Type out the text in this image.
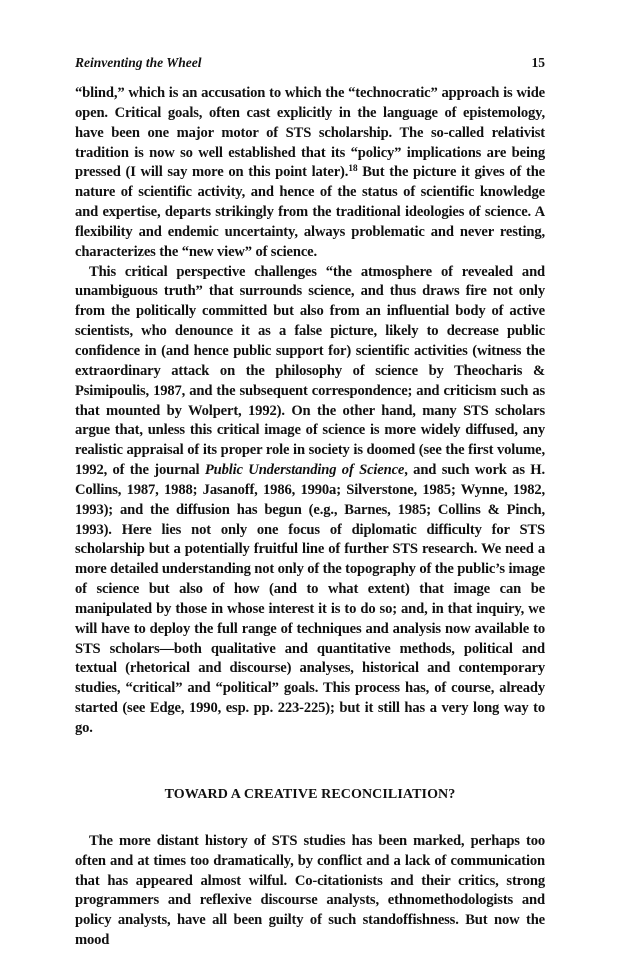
Reinventing the Wheel	15

“blind,” which is an accusation to which the “technocratic” approach is wide open. Critical goals, often cast explicitly in the language of epistemology, have been one major motor of STS scholarship. The so-called relativist tradition is now so well established that its “policy” implications are being pressed (I will say more on this point later).$^{18}$ But the picture it gives of the nature of scientific activity, and hence of the status of scientific knowledge and expertise, departs strikingly from the traditional ideologies of science. A flexibility and endemic uncertainty, always problematic and never resting, characterizes the “new view” of science.

This critical perspective challenges “the atmosphere of revealed and unambiguous truth” that surrounds science, and thus draws fire not only from the politically committed but also from an influential body of active scientists, who denounce it as a false picture, likely to decrease public confidence in (and hence public support for) scientific activities (witness the extraordinary attack on the philosophy of science by Theocharis & Psimipoulis, 1987, and the subsequent correspondence; and criticism such as that mounted by Wolpert, 1992). On the other hand, many STS scholars argue that, unless this critical image of science is more widely diffused, any realistic appraisal of its proper role in society is doomed (see the first volume, 1992, of the journal Public Understanding of Science, and such work as H. Collins, 1987, 1988; Jasanoff, 1986, 1990a; Silverstone, 1985; Wynne, 1982, 1993); and the diffusion has begun (e.g., Barnes, 1985; Collins & Pinch, 1993). Here lies not only one focus of diplomatic difficulty for STS scholarship but a potentially fruitful line of further STS research. We need a more detailed understanding not only of the topography of the public’s image of science but also of how (and to what extent) that image can be manipulated by those in whose interest it is to do so; and, in that inquiry, we will have to deploy the full range of techniques and analysis now available to STS scholars—both qualitative and quantitative methods, political and textual (rhetorical and discourse) analyses, historical and contemporary studies, “critical” and “political” goals. This process has, of course, already started (see Edge, 1990, esp. pp. 223-225); but it still has a very long way to go.

TOWARD A CREATIVE RECONCILIATION?

The more distant history of STS studies has been marked, perhaps too often and at times too dramatically, by conflict and a lack of communication that has appeared almost wilful. Co-citationists and their critics, strong programmers and reflexive discourse analysts, ethnomethodologists and policy analysts, have all been guilty of such standoffishness. But now the mood
